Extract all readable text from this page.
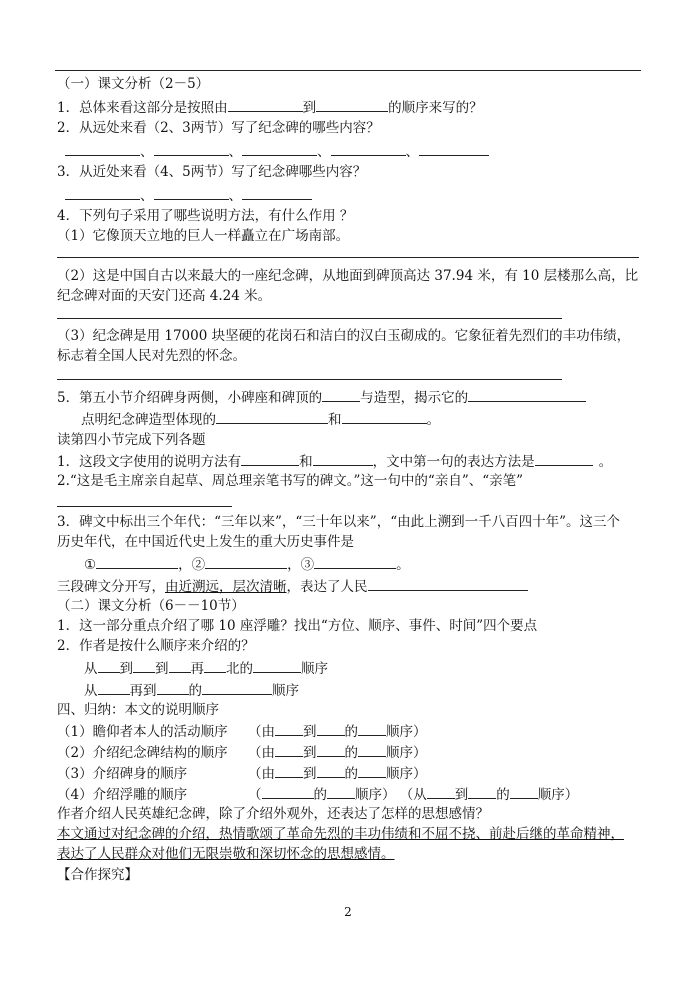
（一）课文分析（2－5）
1．总体来看这部分是按照由	到	的顺序来写的？
2．从远处来看（2、3两节）写了纪念碑的哪些内容？
、	、	、	、
3．从近处来看（4、5两节）写了纪念碑哪些内容？
、	、
4．下列句子采用了哪些说明方法，有什么作用 ？
（1）它像顶天立地的巨人一样矗立在广场南部。
（2）这是中国自古以来最大的一座纪念碑，从地面到碑顶高达 37.94 米，有 10 层楼那么高，比
纪念碑对面的天安门还高 4.24 米。
（3）纪念碑是用 17000 块坚硬的花岗石和洁白的汉白玉砌成的。它象征着先烈们的丰功伟绩，
标志着全国人民对先烈的怀念。
5．第五小节介绍碑身两侧，小碑座和碑顶的	与造型，揭示它的
点明纪念碑造型体现的	和	。
读第四小节完成下列各题
1．这段文字使用的说明方法有	和	，文中第一句的表达方法是	。
2.“这是毛主席亲自起草、周总理亲笔书写的碑文。”这一句中的“亲自”、“亲笔”
3．碑文中标出三个年代：“三年以来”，“三十年以来”，“由此上溯到一千八百四十年”。这三个
历史年代，在中国近代史上发生的重大历史事件是
①	，②	，③	。
三段碑文分开写，由近溯远，层次清晰，表达了人民
（二）课文分析（6－－10节）
1．这一部分重点介绍了哪 10 座浮雕？找出“方位、顺序、事件、时间”四个要点
2．作者是按什么顺序来介绍的？
从 到 到 再 北的	顺序
从 再到 的	顺序
四、归纳：本文的说明顺序
（1）瞻仰者本人的活动顺序 （由 到 的 顺序）
（2）介绍纪念碑结构的顺序 （由 到 的 顺序）
（3）介绍碑身的顺序	（由 到 的 顺序）
（4）介绍浮雕的顺序	（	的 顺序） （从 到 的 顺序）
作者介绍人民英雄纪念碑，除了介绍外观外，还表达了怎样的思想感情？
本文通过对纪念碑的介绍，热情歌颂了革命先烈的丰功伟绩和不屈不挠、前赴后继的革命精神，
表达了人民群众对他们无限崇敬和深切怀念的思想感情。
【合作探究】
2
